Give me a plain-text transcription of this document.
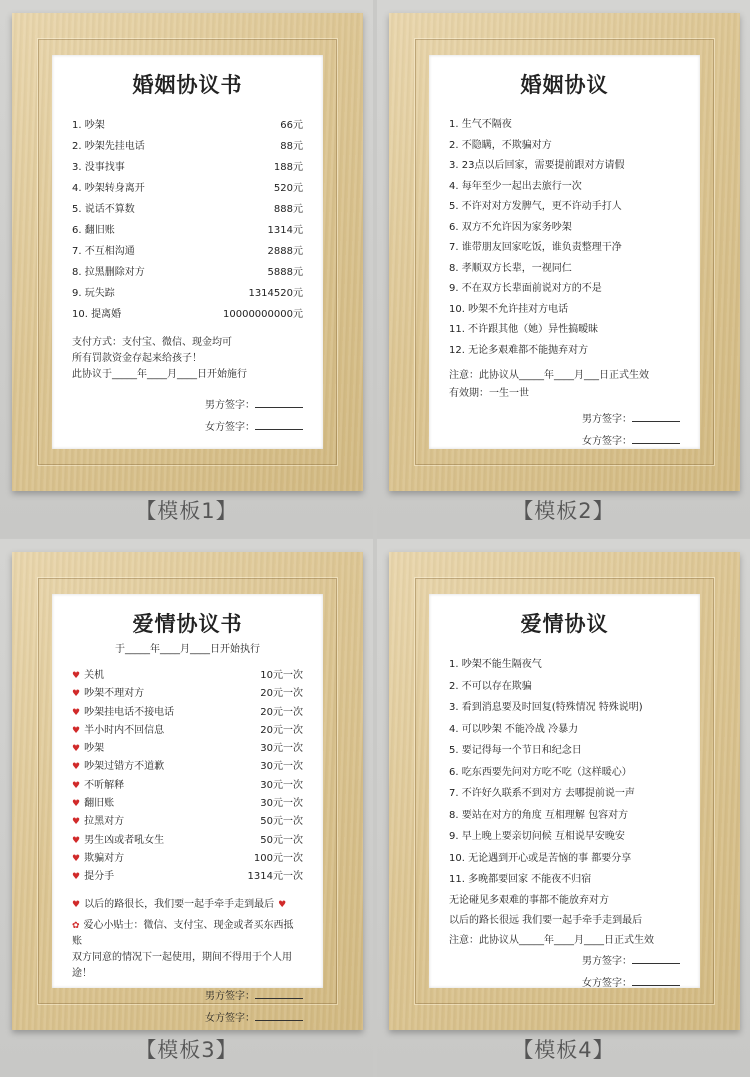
婚姻协议书
1. 吵架	66元
2. 吵架先挂电话	88元
3. 没事找事	188元
4. 吵架转身离开	520元
5. 说话不算数	888元
6. 翻旧账	1314元
7. 不互相沟通	2888元
8. 拉黑删除对方	5888元
9. 玩失踪	1314520元
10. 提离婚	10000000000元
支付方式：支付宝、微信、现金均可
所有罚款资金存起来给孩子！
此协议于_____年____月____日开始施行
男方签字：
女方签字：
【模板1】
婚姻协议
1. 生气不隔夜
2. 不隐瞒，不欺骗对方
3. 23点以后回家，需要提前跟对方请假
4. 每年至少一起出去旅行一次
5. 不许对对方发脾气，更不许动手打人
6. 双方不允许因为家务吵架
7. 谁带朋友回家吃饭，谁负责整理干净
8. 孝顺双方长辈，一视同仁
9. 不在双方长辈面前说对方的不是
10. 吵架不允许挂对方电话
11. 不许跟其他（她）异性搞暧昧
12. 无论多艰难都不能抛弃对方
注意：此协议从_____年____月___日正式生效
有效期：一生一世
男方签字：
女方签字：
【模板2】
爱情协议书
于_____年____月____日开始执行
♥ 关机	10元一次
♥ 吵架不理对方	20元一次
♥ 吵架挂电话不接电话	20元一次
♥ 半小时内不回信息	20元一次
♥ 吵架	30元一次
♥ 吵架过错方不道歉	30元一次
♥ 不听解释	30元一次
♥ 翻旧账	30元一次
♥ 拉黑对方	50元一次
♥ 男生凶或者吼女生	50元一次
♥ 欺骗对方	100元一次
♥ 提分手	1314元一次
♥ 以后的路很长，我们要一起手牵手走到最后 ♥
✿ 爱心小贴士：微信、支付宝、现金或者买东西抵账
双方同意的情况下一起使用，期间不得用于个人用途！
男方签字：
女方签字：
【模板3】
爱情协议
1. 吵架不能生隔夜气
2. 不可以存在欺骗
3. 看到消息要及时回复(特殊情况 特殊说明)
4. 可以吵架 不能冷战 冷暴力
5. 要记得每一个节日和纪念日
6. 吃东西要先问对方吃不吃（这样暖心）
7. 不许好久联系不到对方 去哪提前说一声
8. 要站在对方的角度 互相理解 包容对方
9. 早上晚上要亲切问候 互相说早安晚安
10. 无论遇到开心或是苦恼的事 都要分享
11. 多晚都要回家 不能夜不归宿
无论碰见多艰难的事都不能放弃对方
以后的路长很远 我们要一起手牵手走到最后
注意：此协议从_____年____月____日正式生效
男方签字：
女方签字：
【模板4】
